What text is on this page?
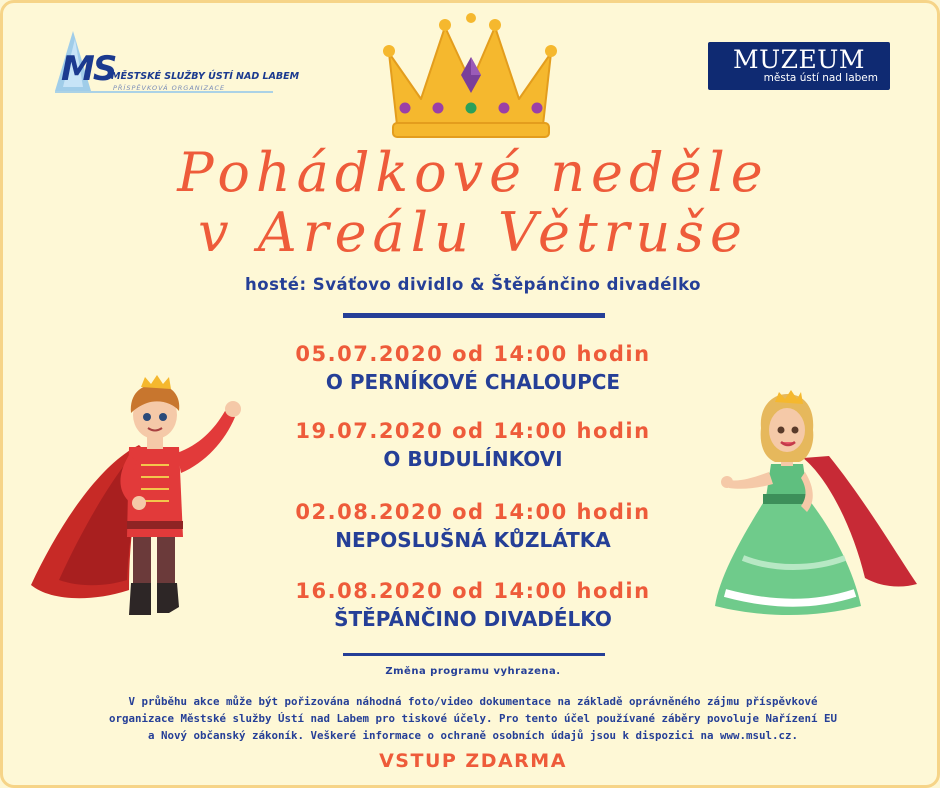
MS
MĚSTSKÉ SLUŽBY ÚSTÍ NAD LABEM
PŘÍSPĚVKOVÁ ORGANIZACE
MUZEUM
města ústí nad labem
Pohádkové neděle
v Areálu Větruše
hosté: Sváťovo dividlo & Štěpánčino divadélko
05.07.2020 od 14:00 hodin
O PERNÍKOVÉ CHALOUPCE
19.07.2020 od 14:00 hodin
O BUDULÍNKOVI
02.08.2020 od 14:00 hodin
NEPOSLUŠNÁ KŮZLÁTKA
16.08.2020 od 14:00 hodin
ŠTĚPÁNČINO DIVADÉLKO
Změna programu vyhrazena.
V průběhu akce může být pořizována náhodná foto/video dokumentace na základě oprávněného zájmu příspěvkové
organizace Městské služby Ústí nad Labem pro tiskové účely. Pro tento účel používané záběry povoluje Nařízení EU
a Nový občanský zákoník. Veškeré informace o ochraně osobních údajů jsou k dispozici na www.msul.cz.
VSTUP ZDARMA
